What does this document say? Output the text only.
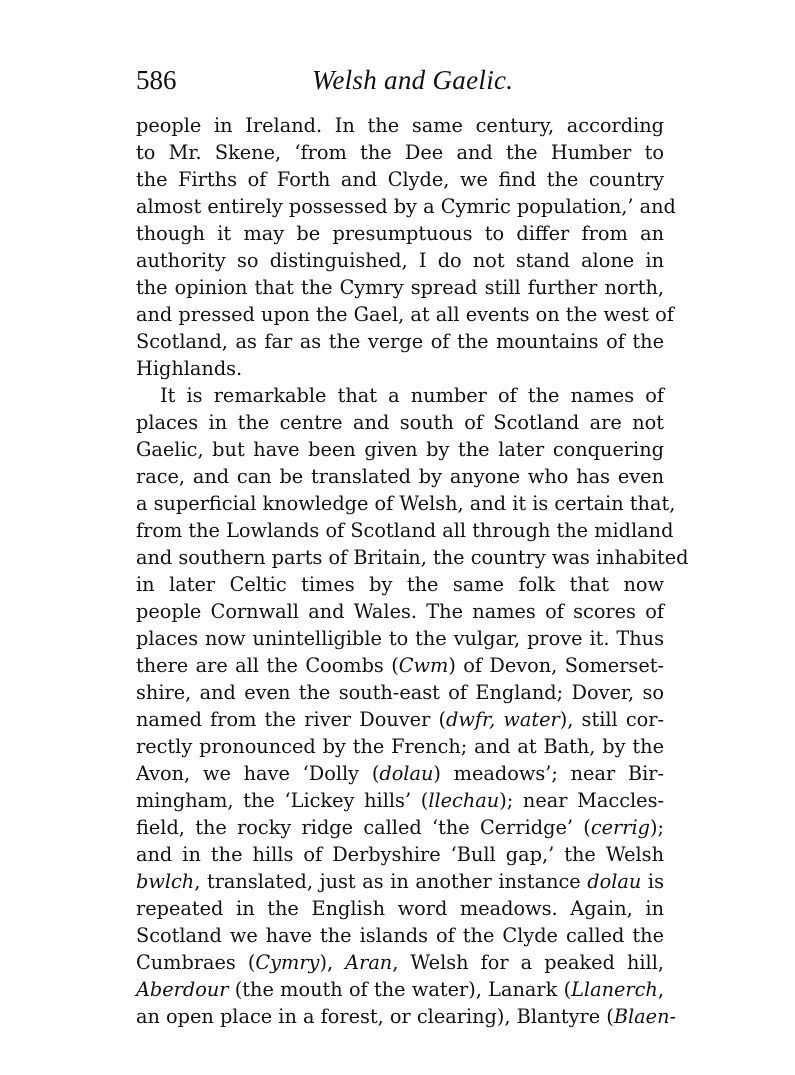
586	Welsh and Gaelic.
people in Ireland. In the same century, according
to Mr. Skene, ‘from the Dee and the Humber to
the Firths of Forth and Clyde, we find the country
almost entirely possessed by a Cymric population,’ and
though it may be presumptuous to differ from an
authority so distinguished, I do not stand alone in
the opinion that the Cymry spread still further north,
and pressed upon the Gael, at all events on the west of
Scotland, as far as the verge of the mountains of the
Highlands.
It is remarkable that a number of the names of
places in the centre and south of Scotland are not
Gaelic, but have been given by the later conquering
race, and can be translated by anyone who has even
a superficial knowledge of Welsh, and it is certain that,
from the Lowlands of Scotland all through the midland
and southern parts of Britain, the country was inhabited
in later Celtic times by the same folk that now
people Cornwall and Wales. The names of scores of
places now unintelligible to the vulgar, prove it. Thus
there are all the Coombs (Cwm) of Devon, Somerset-
shire, and even the south-east of England; Dover, so
named from the river Douver (dwfr, water), still cor-
rectly pronounced by the French; and at Bath, by the
Avon, we have ‘Dolly (dolau) meadows’; near Bir-
mingham, the ‘Lickey hills’ (llechau); near Maccles-
field, the rocky ridge called ‘the Cerridge’ (cerrig);
and in the hills of Derbyshire ‘Bull gap,’ the Welsh
bwlch, translated, just as in another instance dolau is
repeated in the English word meadows. Again, in
Scotland we have the islands of the Clyde called the
Cumbraes (Cymry), Aran, Welsh for a peaked hill,
Aberdour (the mouth of the water), Lanark (Llanerch,
an open place in a forest, or clearing), Blantyre (Blaen-
